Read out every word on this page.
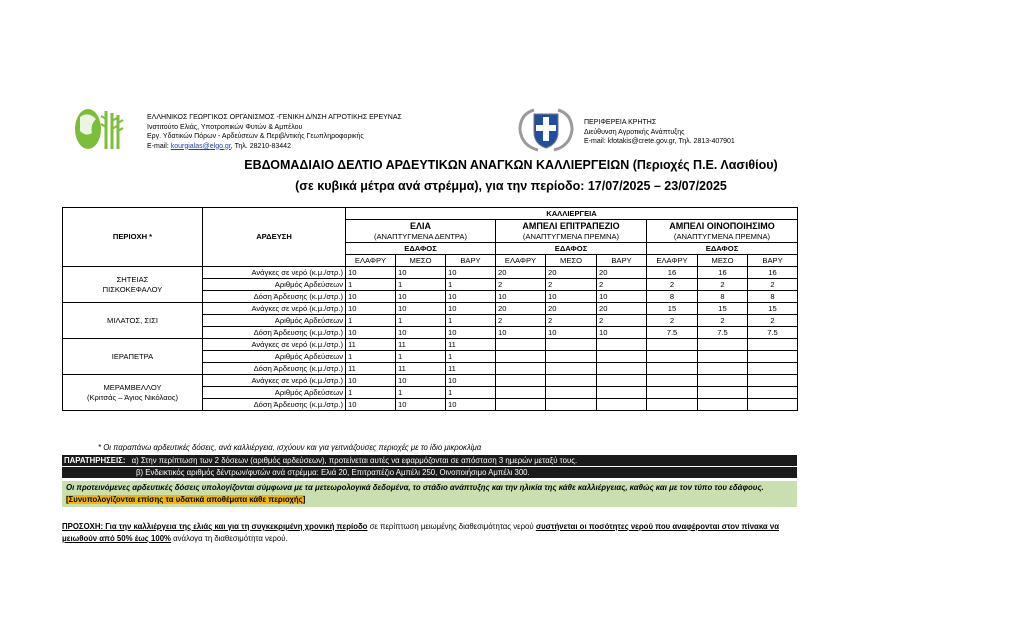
ΕΛΛΗΝΙΚΟΣ ΓΕΩΡΓΙΚΟΣ ΟΡΓΑΝΙΣΜΟΣ -ΓΕΝΙΚΗ Δ/ΝΣΗ ΑΓΡΟΤΙΚΗΣ ΕΡΕΥΝΑΣ
Ινστιτούτο Ελιάς, Υποτροπικών Φυτών & Αμπέλου
Εργ. Υδατικών Πόρων - Αρδεύσεων & Περιβ/ντικής Γεωπληροφορικής
E-mail: kourgialas@elgo.gr, Τηλ. 28210-83442
ΠΕΡΙΦΕΡΕΙΑ ΚΡΗΤΗΣ
Διεύθυνση Αγροτικής Ανάπτυξης
E-mail: kfotakis@crete.gov.gr, Τηλ. 2813-407901
ΕΒΔΟΜΑΔΙΑΙΟ ΔΕΛΤΙΟ ΑΡΔΕΥΤΙΚΩΝ ΑΝΑΓΚΩΝ ΚΑΛΛΙΕΡΓΕΙΩΝ (Περιοχές Π.Ε. Λασιθίου)
(σε κυβικά μέτρα ανά στρέμμα), για την περίοδο: 17/07/2025 – 23/07/2025
ΠΕΡΙΟΧΗ *	ΑΡΔΕΥΣΗ	ΚΑΛΛΙΕΡΓΕΙΑ								
		ΕΛΙΑ			ΑΜΠΕΛΙ ΕΠΙΤΡΑΠΕΖΙΟ			ΑΜΠΕΛΙ ΟΙΝΟΠΟΙΗΣΙΜΟ		
		(ΑΝΑΠΤΥΓΜΕΝΑ ΔΕΝΤΡΑ)			(ΑΝΑΠΤΥΓΜΕΝΑ ΠΡΕΜΝΑ)			(ΑΝΑΠΤΥΓΜΕΝΑ ΠΡΕΜΝΑ)		
		ΕΔΑΦΟΣ			ΕΔΑΦΟΣ			ΕΔΑΦΟΣ		
		ΕΛΑΦΡΥ	ΜΕΣΟ	ΒΑΡΥ	ΕΛΑΦΡΥ	ΜΕΣΟ	ΒΑΡΥ	ΕΛΑΦΡΥ	ΜΕΣΟ	ΒΑΡΥ

ΣΗΤΕΙΑΣ
ΠΙΣΚΟΚΕΦΑΛΟΥ	Ανάγκες σε νερό (κ.μ./στρ.)	10	10	10	20	20	20	16	16	16
	Αριθμός Αρδεύσεων	1	1	1	2	2	2	2	2	2
	Δόση Άρδευσης (κ.μ./στρ.)	10	10	10	10	10	10	8	8	8

ΜΙΛΑΤΟΣ, ΣΙΣΙ	Ανάγκες σε νερό (κ.μ./στρ.)	10	10	10	20	20	20	15	15	15
	Αριθμός Αρδεύσεων	1	1	1	2	2	2	2	2	2
	Δόση Άρδευσης (κ.μ./στρ.)	10	10	10	10	10	10	7.5	7.5	7.5

ΙΕΡΑΠΕΤΡΑ	Ανάγκες σε νερό (κ.μ./στρ.)	11	11	11						
	Αριθμός Αρδεύσεων	1	1	1						
	Δόση Άρδευσης (κ.μ./στρ.)	11	11	11						

ΜΕΡΑΜΒΕΛΛΟΥ
(Κριτσάς – Άγιος Νικόλαος)	Ανάγκες σε νερό (κ.μ./στρ.)	10	10	10						
	Αριθμός Αρδεύσεων	1	1	1						
	Δόση Άρδευσης (κ.μ./στρ.)	10	10	10						
* Οι παραπάνω αρδευτικές δόσεις, ανά καλλιέργεια, ισχύουν και για γειτνιάζουσες περιοχές με το ίδιο μικροκλίμα
ΠΑΡΑΤΗΡΗΣΕΙΣ: α) Στην περίπτωση των 2 δόσεων (αριθμός αρδεύσεων), προτείνεται αυτές να εφαρμόζονται σε απόσταση 3 ημερών μεταξύ τους.
β) Ενδεικτικός αριθμός δέντρων/φυτών ανά στρέμμα: Ελιά 20, Επιτραπέζιο Αμπέλι 250, Οινοποιήσιμο Αμπέλι 300.
Οι προτεινόμενες αρδευτικές δόσεις υπολογίζονται σύμφωνα με τα μετεωρολογικά δεδομένα, το στάδιο ανάπτυξης και την ηλικία της κάθε καλλιέργειας, καθώς και με τον τύπο του εδάφους. [Συνυπολογίζονται επίσης τα υδατικά αποθέματα κάθε περιοχής]
ΠΡΟΣΟΧΗ: Για την καλλιέργεια της ελιάς και για τη συγκεκριμένη χρονική περίοδο σε περίπτωση μειωμένης διαθεσιμότητας νερού συστήνεται οι ποσότητες νερού που αναφέρονται στον πίνακα να μειωθούν από 50% έως 100% ανάλογα τη διαθεσιμότητα νερού.
